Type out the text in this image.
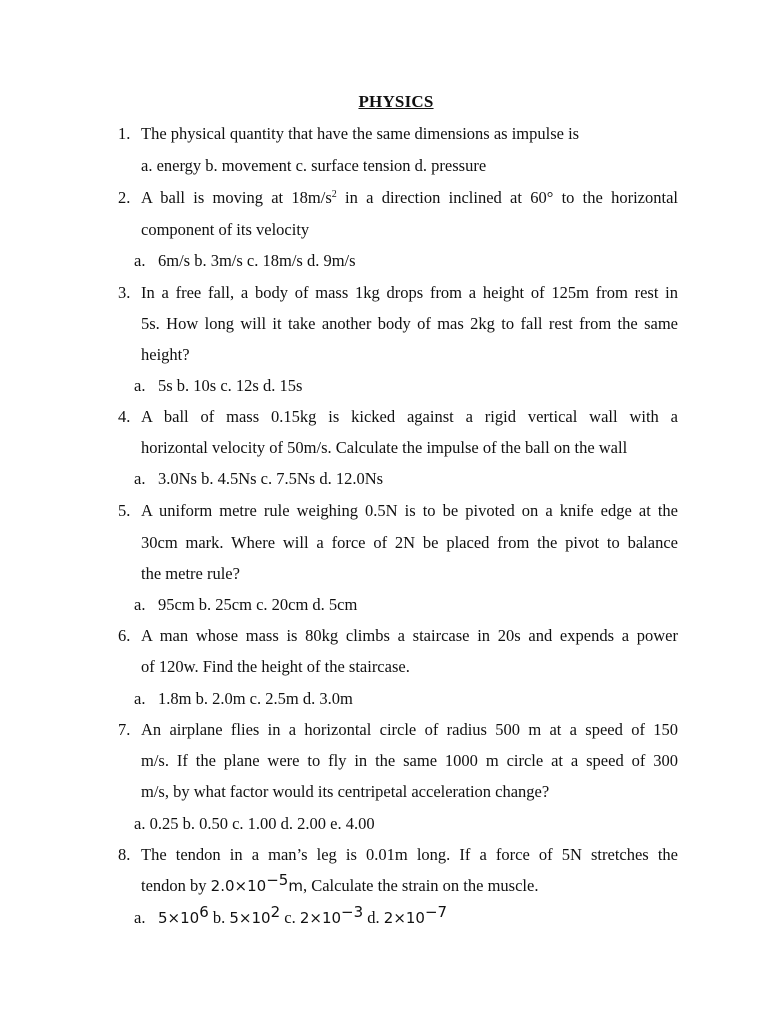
PHYSICS
1. The physical quantity that have the same dimensions as impulse is
a. energy b. movement c. surface tension d. pressure
2. A ball is moving at $18m/s^2$ in a direction inclined at 60° to the horizontal
component of its velocity
a. 6m/s b. 3m/s c. 18m/s d. 9m/s
3. In a free fall, a body of mass 1kg drops from a height of 125m from rest in
5s. How long will it take another body of mas 2kg to fall rest from the same
height?
a. 5s b. 10s c. 12s d. 15s
4. A ball of mass 0.15kg is kicked against a rigid vertical wall with a
horizontal velocity of 50m/s. Calculate the impulse of the ball on the wall
a. 3.0Ns b. 4.5Ns c. 7.5Ns d. 12.0Ns
5. A uniform metre rule weighing 0.5N is to be pivoted on a knife edge at the
30cm mark. Where will a force of 2N be placed from the pivot to balance
the metre rule?
a. 95cm b. 25cm c. 20cm d. 5cm
6. A man whose mass is 80kg climbs a staircase in 20s and expends a power
of 120w. Find the height of the staircase.
a. 1.8m b. 2.0m c. 2.5m d. 3.0m
7. An airplane flies in a horizontal circle of radius 500 m at a speed of 150
m/s. If the plane were to fly in the same 1000 m circle at a speed of 300
m/s, by what factor would its centripetal acceleration change?
a. 0.25 b. 0.50 c. 1.00 d. 2.00 e. 4.00
8. The tendon in a man’s leg is 0.01m long. If a force of 5N stretches the
tendon by $2.0\times 10^{-5}m$, Calculate the strain on the muscle.
a. $5\times 10^6$ b. $5\times 10^2$ c. $2\times 10^{-3}$ d. $2\times 10^{-7}$
